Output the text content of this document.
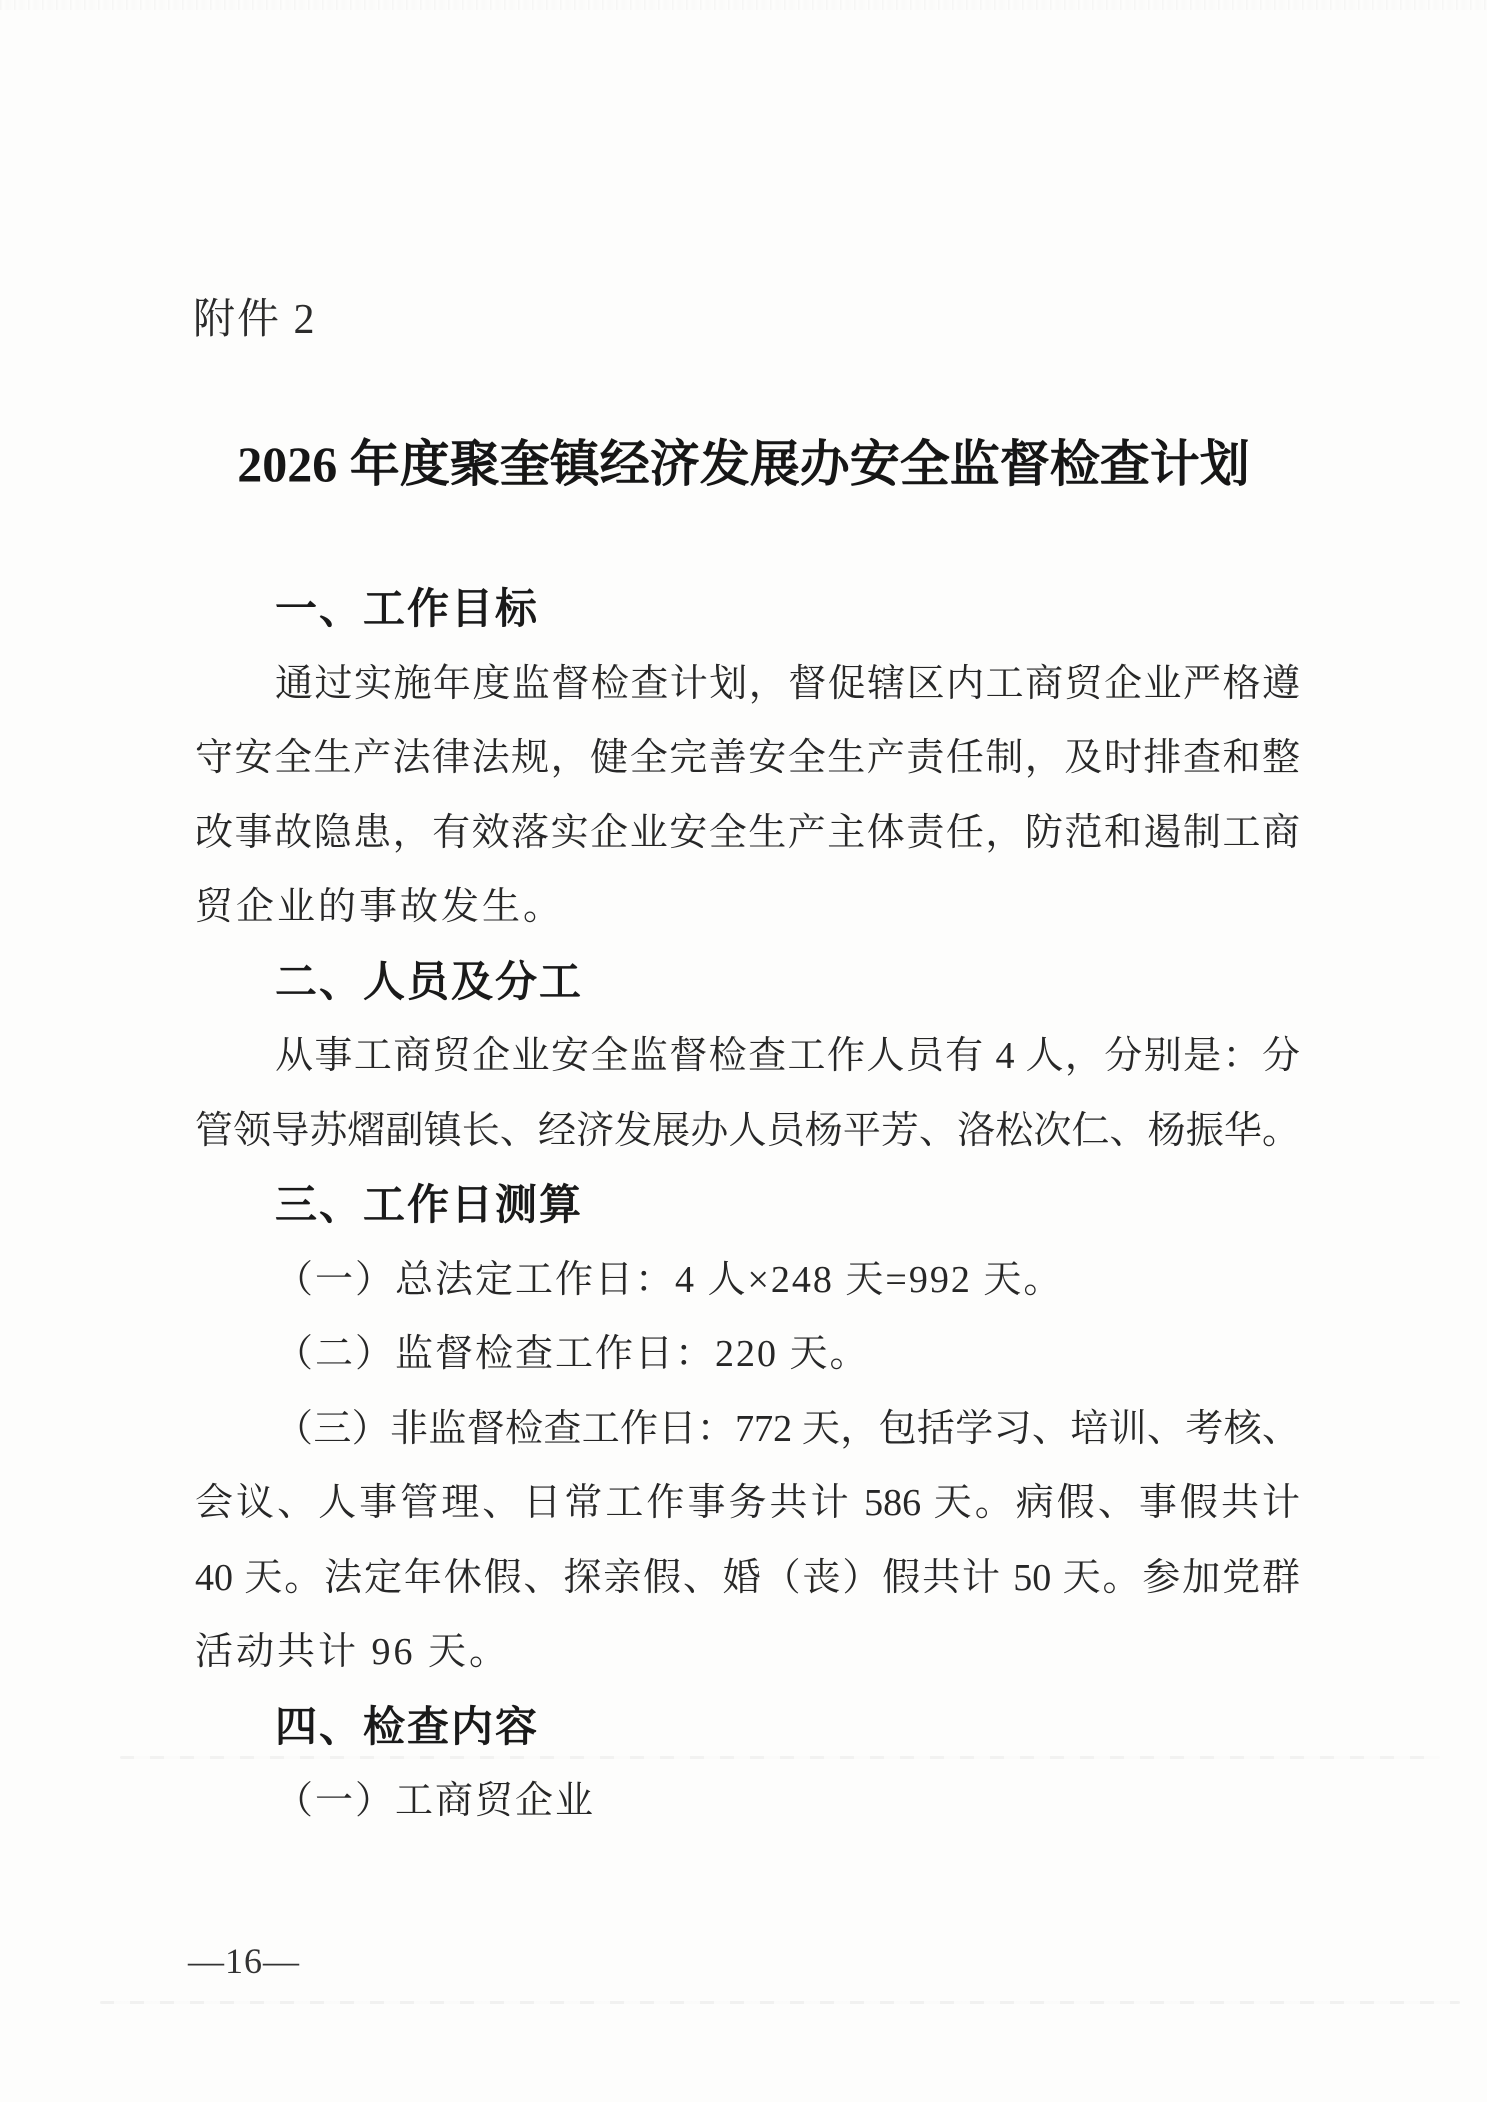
附件 2
2026 年度聚奎镇经济发展办安全监督检查计划
一、工作目标
通过实施年度监督检查计划，督促辖区内工商贸企业严格遵
守安全生产法律法规，健全完善安全生产责任制，及时排查和整
改事故隐患，有效落实企业安全生产主体责任，防范和遏制工商
贸企业的事故发生。
二、人员及分工
从事工商贸企业安全监督检查工作人员有 4 人，分别是：分
管领导苏熠副镇长、经济发展办人员杨平芳、洛松次仁、杨振华。
三、工作日测算
（一）总法定工作日：4 人×248 天=992 天。
（二）监督检查工作日：220 天。
（三）非监督检查工作日：772 天，包括学习、培训、考核、
会议、人事管理、日常工作事务共计 586 天。病假、事假共计
40 天。法定年休假、探亲假、婚（丧）假共计 50 天。参加党群
活动共计 96 天。
四、检查内容
（一）工商贸企业
—16—
